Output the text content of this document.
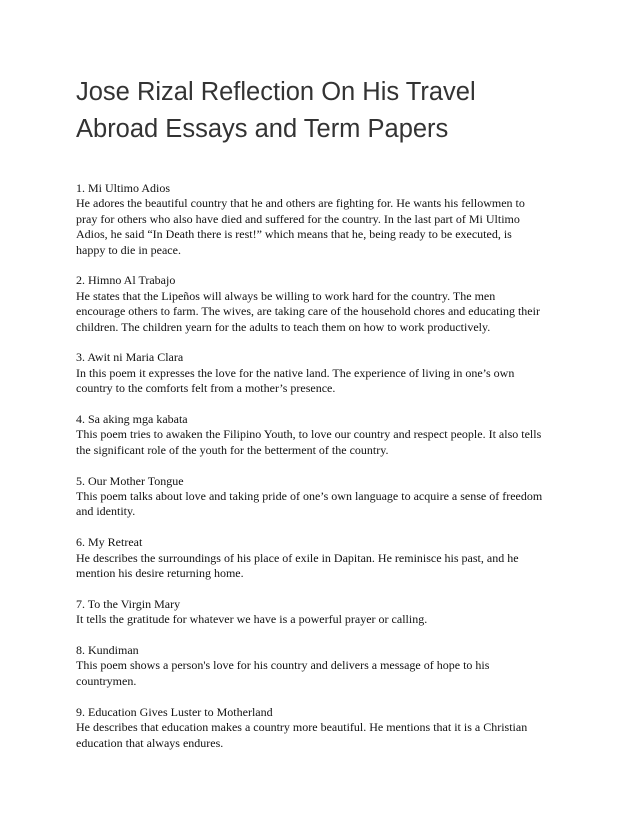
Jose Rizal Reflection On His Travel
Abroad Essays and Term Papers
1. Mi Ultimo Adios
He adores the beautiful country that he and others are fighting for. He wants his fellowmen to
pray for others who also have died and suffered for the country. In the last part of Mi Ultimo
Adios, he said “In Death there is rest!” which means that he, being ready to be executed, is
happy to die in peace.
2. Himno Al Trabajo
He states that the Lipeños will always be willing to work hard for the country. The men
encourage others to farm. The wives, are taking care of the household chores and educating their
children. The children yearn for the adults to teach them on how to work productively.
3. Awit ni Maria Clara
In this poem it expresses the love for the native land. The experience of living in one’s own
country to the comforts felt from a mother’s presence.
4. Sa aking mga kabata
This poem tries to awaken the Filipino Youth, to love our country and respect people. It also tells
the significant role of the youth for the betterment of the country.
5. Our Mother Tongue
This poem talks about love and taking pride of one’s own language to acquire a sense of freedom
and identity.
6. My Retreat
He describes the surroundings of his place of exile in Dapitan. He reminisce his past, and he
mention his desire returning home.
7. To the Virgin Mary
It tells the gratitude for whatever we have is a powerful prayer or calling.
8. Kundiman
This poem shows a person's love for his country and delivers a message of hope to his
countrymen.
9. Education Gives Luster to Motherland
He describes that education makes a country more beautiful. He mentions that it is a Christian
education that always endures.
